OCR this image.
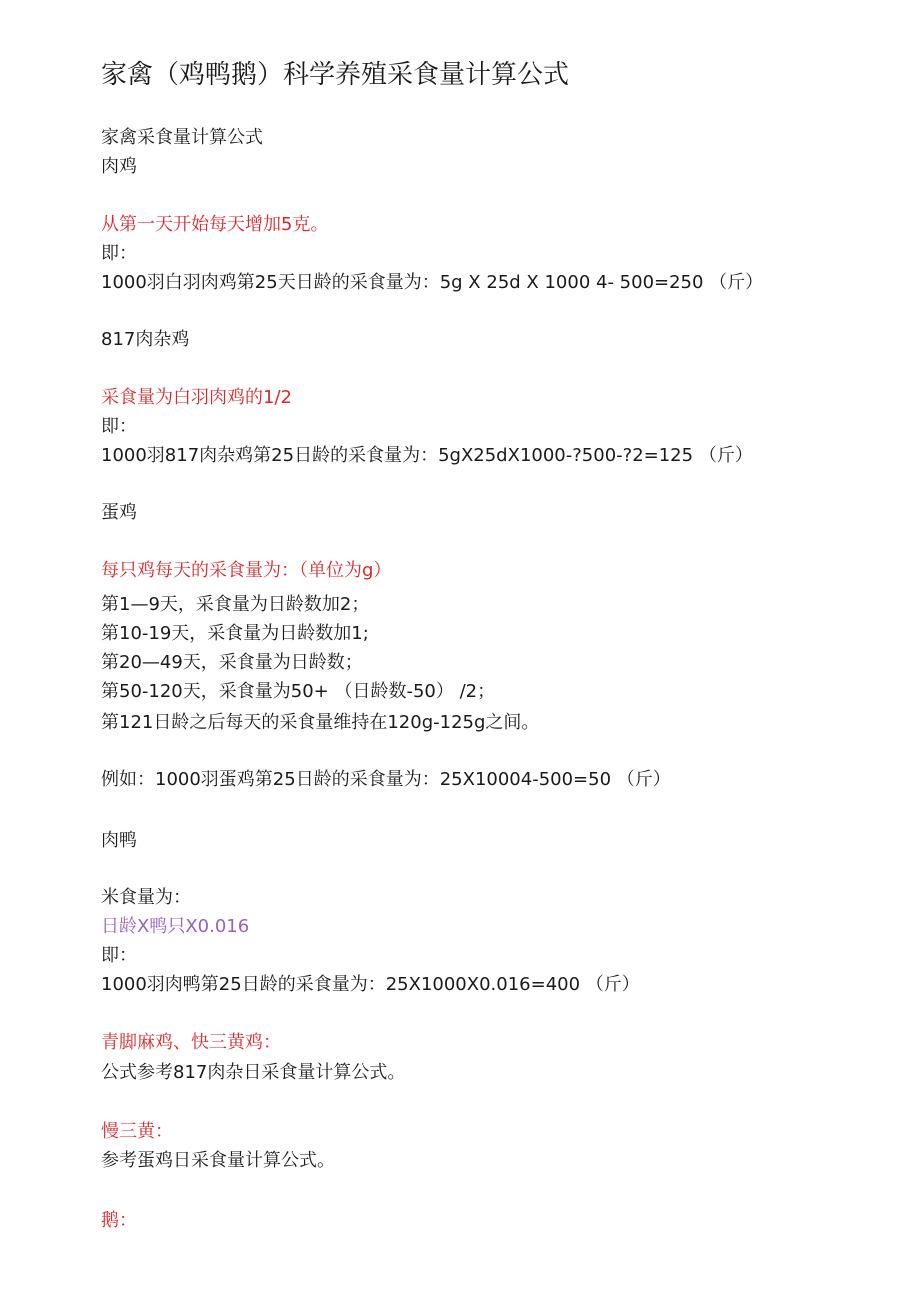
家禽（鸡鸭鹅）科学养殖采食量计算公式
家禽采食量计算公式
肉鸡
从第一天开始每天增加5克。
即：
1000羽白羽肉鸡第25天日龄的采食量为：5g X 25d X 1000 4- 500=250 （斤）
817肉杂鸡
采食量为白羽肉鸡的1/2
即：
1000羽817肉杂鸡第25日龄的采食量为：5gX25dX1000-?500-?2=125 （斤）
蛋鸡
每只鸡每天的采食量为：（单位为g）
第1—9天，采食量为日龄数加2；
第10-19天，采食量为日龄数加1;
第20—49天，采食量为日龄数；
第50-120天，采食量为50+ （日龄数-50） /2；
第121日龄之后每天的采食量维持在120g-125g之间。
例如：1000羽蛋鸡第25日龄的采食量为：25X10004-500=50 （斤）
肉鸭
米食量为：
日龄X鸭只X0.016
即：
1000羽肉鸭第25日龄的采食量为：25X1000X0.016=400 （斤）
青脚麻鸡、快三黄鸡：
公式参考817肉杂日采食量计算公式。
慢三黄：
参考蛋鸡日采食量计算公式。
鹅：
